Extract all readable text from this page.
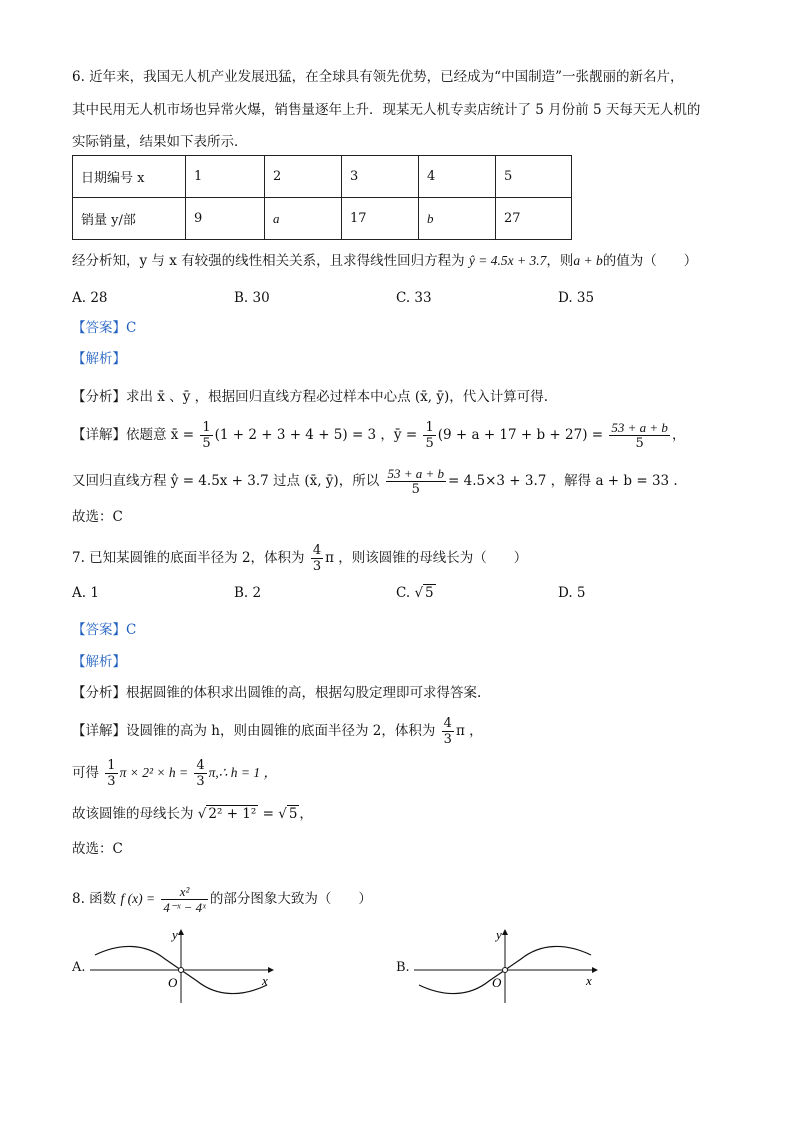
6. 近年来，我国无人机产业发展迅猛，在全球具有领先优势，已经成为“中国制造”一张靓丽的新名片，
其中民用无人机市场也异常火爆，销售量逐年上升．现某无人机专卖店统计了 5 月份前 5 天每天无人机的
实际销量，结果如下表所示．
日期编号 x	1	2	3	4	5
销量 y/部	9	a	17	b	27
经分析知，y 与 x 有较强的线性相关关系，且求得线性回归方程为 ŷ = 4.5x + 3.7，则a + b的值为（　　）
A. 28	B. 30	C. 33	D. 35
【答案】C
【解析】
【分析】求出 x̄ 、ȳ ，根据回归直线方程必过样本中心点 (x̄, ȳ)，代入计算可得.
【详解】依题意 x̄ = $\frac{1}{5} (1 + 2 + 3 + 4 + 5) = 3$ ，ȳ = $\frac{1}{5} (9 + a + 17 + b + 27) = \frac{53 + a + b}{5}$ ，
又回归直线方程 ŷ = 4.5x + 3.7 过点 (x̄, ȳ)，所以 $\frac{53 + a + b}{5} = 4.5\times 3 + 3.7$ ，解得 a + b = 33 .
故选：C
7. 已知某圆锥的底面半径为 2，体积为 $\frac{4}{3}$ π ，则该圆锥的母线长为（　　）
A. 1	B. 2	C. √ 5	D. 5
【答案】C
【解析】
【分析】根据圆锥的体积求出圆锥的高，根据勾股定理即可求得答案.
【详解】设圆锥的高为 h，则由圆锥的底面半径为 2，体积为 $\frac{4}{3}$ π ，
可得 $\frac{1}{3}$ $\pi \times 2^2 \times h = \frac{4}{3}$ π,∴ h = 1 ，
故该圆锥的母线长为 √ 2² + 1² = √ 5 ，
故选：C
8. 函数 f $(x) = \frac{\text{x²}}{\text{4⁻ˣ − 4ˣ}}$ 的部分图象大致为（　　）
A.
y
x
O
B.
y
x
O
